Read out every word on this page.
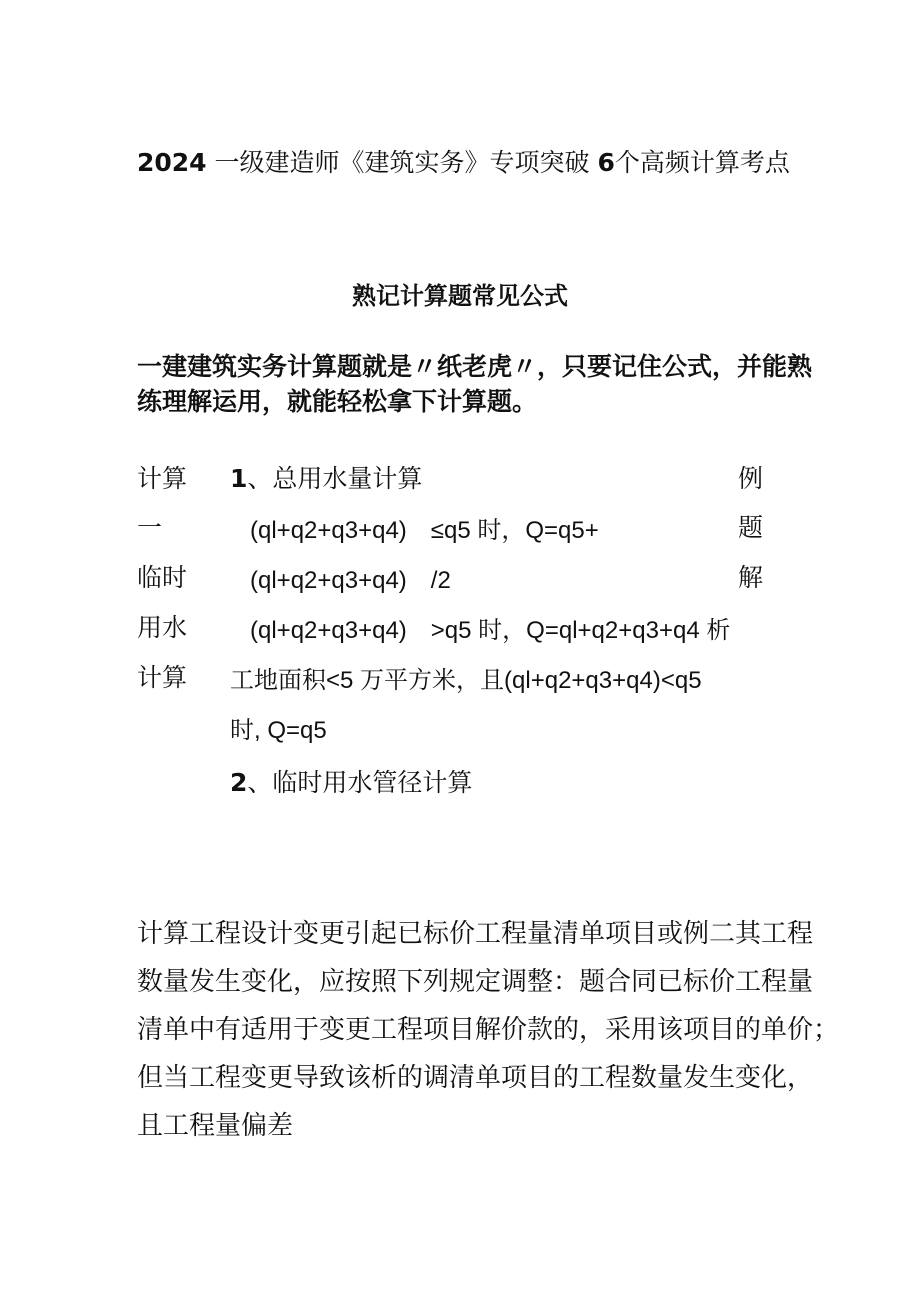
2024 一级建造师《建筑实务》专项突破 6个高频计算考点
熟记计算题常见公式
一建建筑实务计算题就是〃纸老虎〃，只要记住公式，并能熟
练理解运用，就能轻松拿下计算题。
计算
一
临时
用水
计算
例
题
解
1、总用水量计算
(ql+q2+q3+q4)　≤q5 时，Q=q5+
(ql+q2+q3+q4)　/2
(ql+q2+q3+q4)　>q5 时，Q=ql+q2+q3+q4 析
工地面积<5 万平方米，且(ql+q2+q3+q4)<q5
时, Q=q5
2、临时用水管径计算
计算工程设计变更引起已标价工程量清单项目或例二其工程
数量发生变化，应按照下列规定调整：题合同已标价工程量
清单中有适用于变更工程项目解价款的，采用该项目的单价；
但当工程变更导致该析的调清单项目的工程数量发生变化，
且工程量偏差
